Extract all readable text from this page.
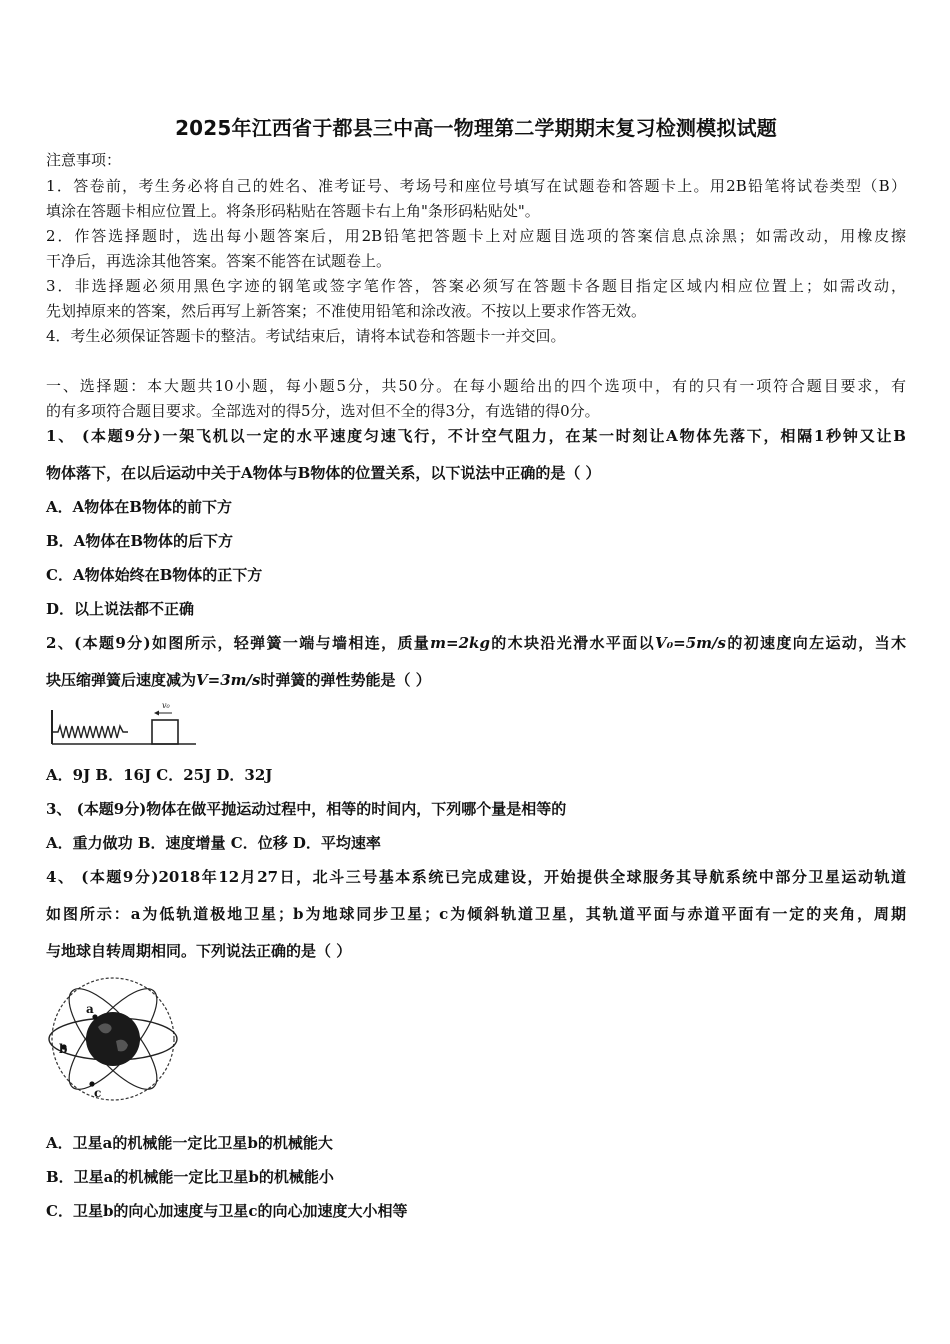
2025年江西省于都县三中高一物理第二学期期末复习检测模拟试题
注意事项：
1．答卷前，考生务必将自己的姓名、准考证号、考场号和座位号填写在试题卷和答题卡上。用2B铅笔将试卷类型（B）
填涂在答题卡相应位置上。将条形码粘贴在答题卡右上角"条形码粘贴处"。
2．作答选择题时，选出每小题答案后，用2B铅笔把答题卡上对应题目选项的答案信息点涂黑；如需改动，用橡皮擦
干净后，再选涂其他答案。答案不能答在试题卷上。
3．非选择题必须用黑色字迹的钢笔或签字笔作答，答案必须写在答题卡各题目指定区域内相应位置上；如需改动，
先划掉原来的答案，然后再写上新答案；不准使用铅笔和涂改液。不按以上要求作答无效。
4．考生必须保证答题卡的整洁。考试结束后，请将本试卷和答题卡一并交回。
一、选择题：本大题共10小题，每小题5分，共50分。在每小题给出的四个选项中，有的只有一项符合题目要求，有
的有多项符合题目要求。全部选对的得5分，选对但不全的得3分，有选错的得0分。
1、 (本题9分)一架飞机以一定的水平速度匀速飞行，不计空气阻力，在某一时刻让A物体先落下，相隔1秒钟又让B
物体落下，在以后运动中关于A物体与B物体的位置关系，以下说法中正确的是（ ）
A．A物体在B物体的前下方
B．A物体在B物体的后下方
C．A物体始终在B物体的正下方
D．以上说法都不正确
2、(本题9分)如图所示，轻弹簧一端与墙相连，质量m=2kg的木块沿光滑水平面以V₀=5m/s的初速度向左运动，当木
块压缩弹簧后速度减为V=3m/s时弹簧的弹性势能是（ ）
v₀
A．9J B．16J C．25J D．32J
3、 (本题9分)物体在做平抛运动过程中，相等的时间内，下列哪个量是相等的
A．重力做功 B．速度增量 C．位移 D．平均速率
4、 (本题9分)2018年12月27日，北斗三号基本系统已完成建设，开始提供全球服务其导航系统中部分卫星运动轨道
如图所示：a为低轨道极地卫星；b为地球同步卫星；c为倾斜轨道卫星，其轨道平面与赤道平面有一定的夹角，周期
与地球自转周期相同。下列说法正确的是（ ）
a
b
c
A．卫星a的机械能一定比卫星b的机械能大
B．卫星a的机械能一定比卫星b的机械能小
C．卫星b的向心加速度与卫星c的向心加速度大小相等
